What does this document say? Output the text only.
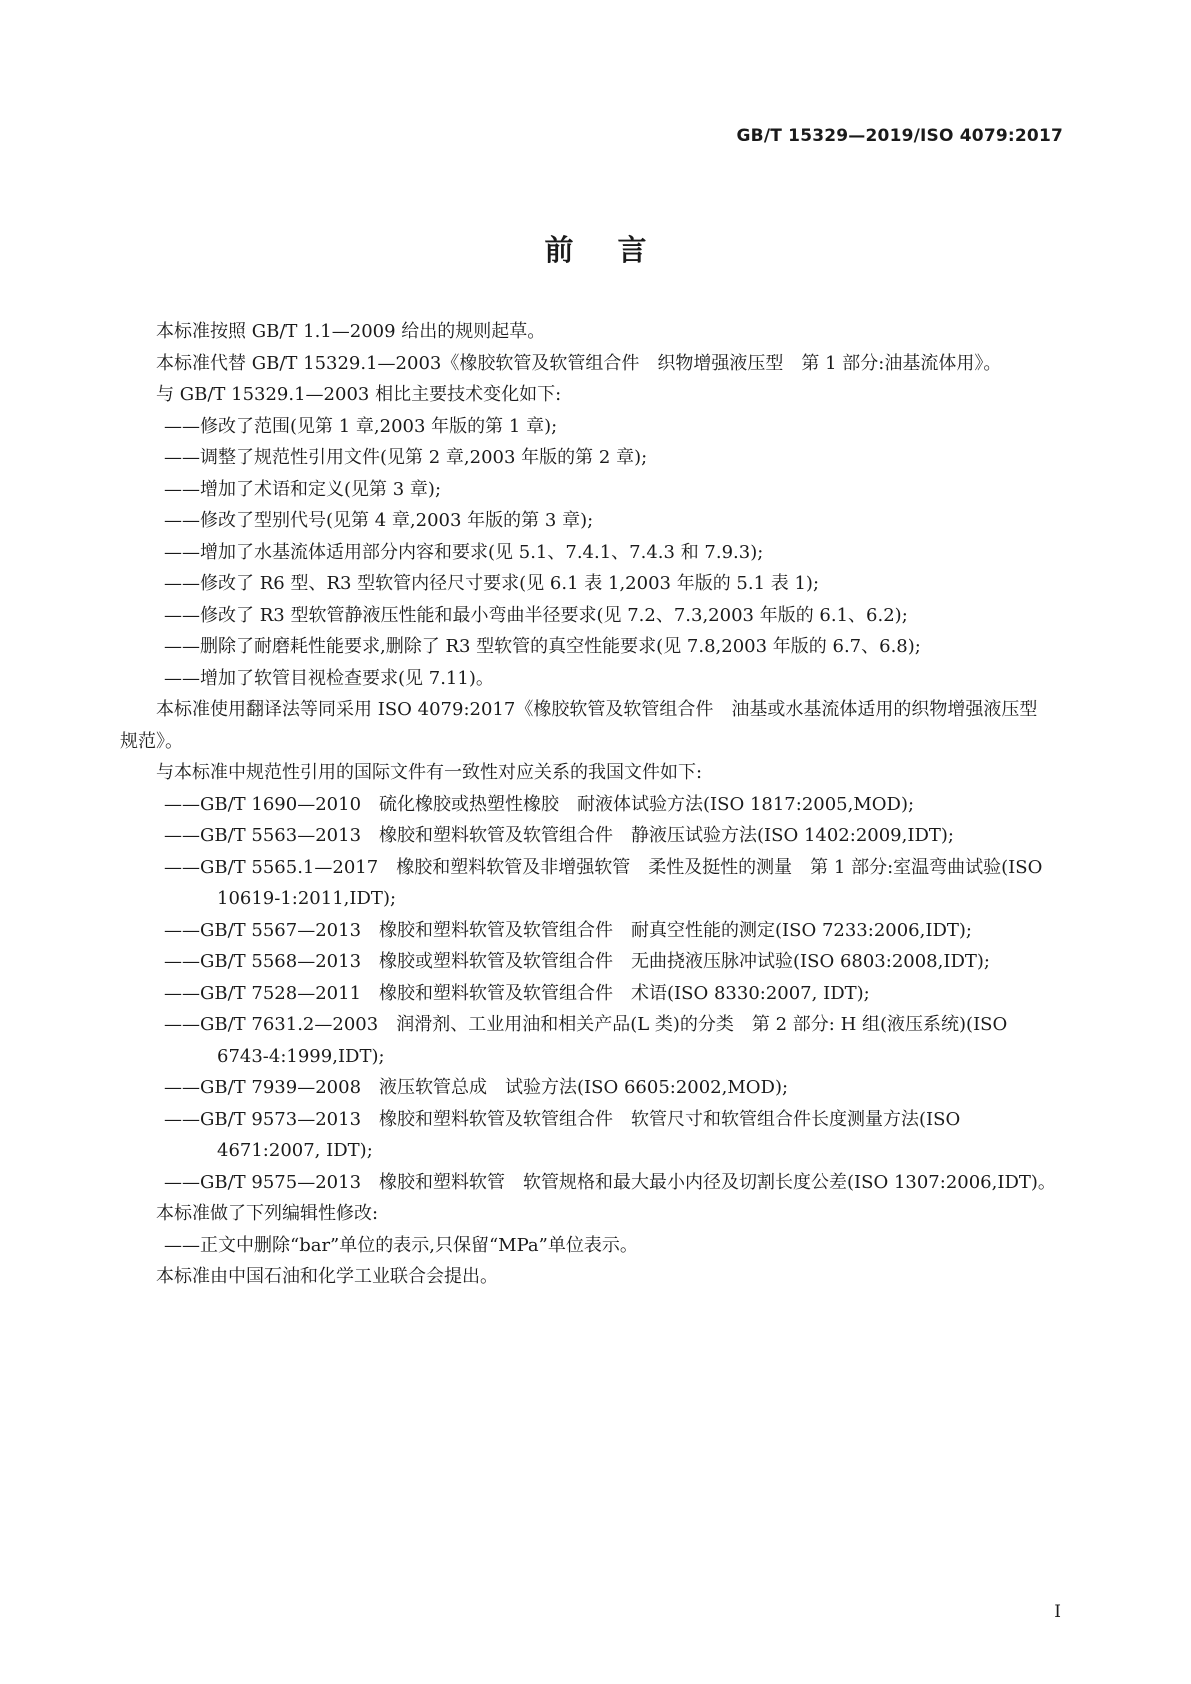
GB/T 15329—2019/ISO 4079:2017
前言

本标准按照 GB/T 1.1—2009 给出的规则起草。

本标准代替 GB/T 15329.1—2003《橡胶软管及软管组合件　织物增强液压型　第 1 部分:油基流体用》。

与 GB/T 15329.1—2003 相比主要技术变化如下:

——修改了范围(见第 1 章,2003 年版的第 1 章);

——调整了规范性引用文件(见第 2 章,2003 年版的第 2 章);

——增加了术语和定义(见第 3 章);

——修改了型别代号(见第 4 章,2003 年版的第 3 章);

——增加了水基流体适用部分内容和要求(见 5.1、7.4.1、7.4.3 和 7.9.3);

——修改了 R6 型、R3 型软管内径尺寸要求(见 6.1 表 1,2003 年版的 5.1 表 1);

——修改了 R3 型软管静液压性能和最小弯曲半径要求(见 7.2、7.3,2003 年版的 6.1、6.2);

——删除了耐磨耗性能要求,删除了 R3 型软管的真空性能要求(见 7.8,2003 年版的 6.7、6.8);

——增加了软管目视检查要求(见 7.11)。

本标准使用翻译法等同采用 ISO 4079:2017《橡胶软管及软管组合件　油基或水基流体适用的织物增强液压型　规范》。

与本标准中规范性引用的国际文件有一致性对应关系的我国文件如下:

——GB/T 1690—2010　硫化橡胶或热塑性橡胶　耐液体试验方法(ISO 1817:2005,MOD);

——GB/T 5563—2013　橡胶和塑料软管及软管组合件　静液压试验方法(ISO 1402:2009,IDT);

——GB/T 5565.1—2017　橡胶和塑料软管及非增强软管　柔性及挺性的测量　第 1 部分:室温弯曲试验(ISO 10619-1:2011,IDT);

——GB/T 5567—2013　橡胶和塑料软管及软管组合件　耐真空性能的测定(ISO 7233:2006,IDT);

——GB/T 5568—2013　橡胶或塑料软管及软管组合件　无曲挠液压脉冲试验(ISO 6803:2008,IDT);

——GB/T 7528—2011　橡胶和塑料软管及软管组合件　术语(ISO 8330:2007, IDT);

——GB/T 7631.2—2003　润滑剂、工业用油和相关产品(L 类)的分类　第 2 部分: H 组(液压系统)(ISO 6743-4:1999,IDT);

——GB/T 7939—2008　液压软管总成　试验方法(ISO 6605:2002,MOD);

——GB/T 9573—2013　橡胶和塑料软管及软管组合件　软管尺寸和软管组合件长度测量方法(ISO 4671:2007, IDT);

——GB/T 9575—2013　橡胶和塑料软管　软管规格和最大最小内径及切割长度公差(ISO 1307:2006,IDT)。

本标准做了下列编辑性修改:

——正文中删除“bar”单位的表示,只保留“MPa”单位表示。

本标准由中国石油和化学工业联合会提出。

I
